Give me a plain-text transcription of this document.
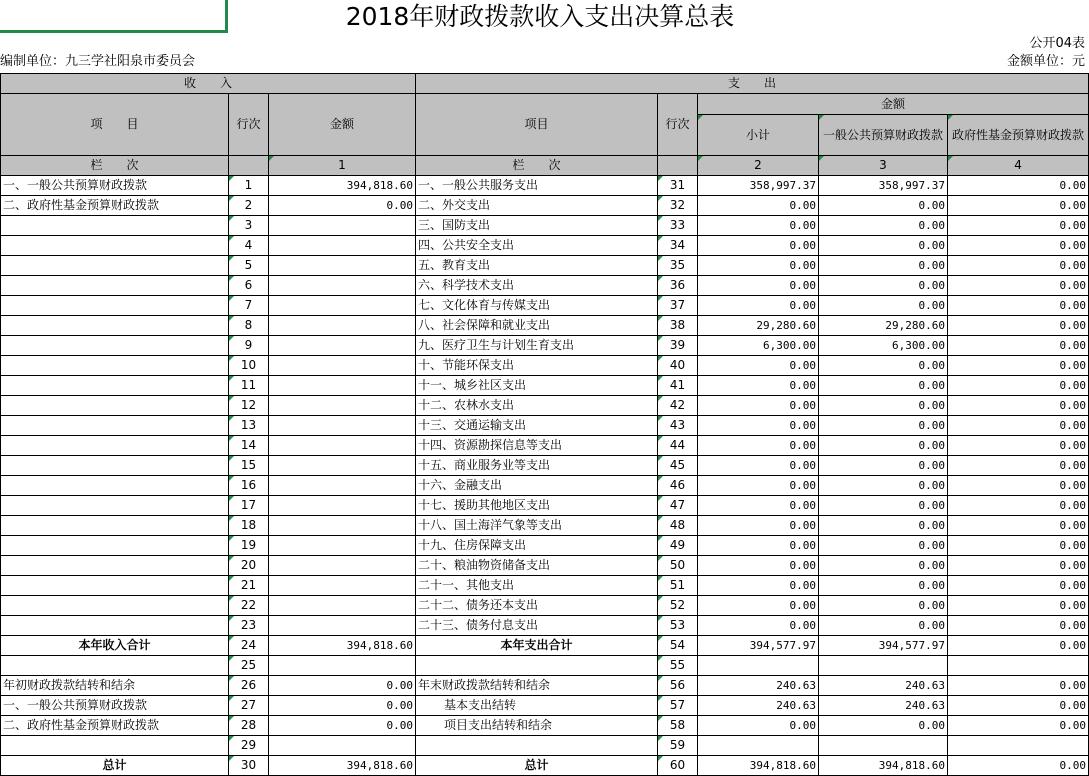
2018年财政拨款收入支出决算总表
公开04表
编制单位：九三学社阳泉市委员会	金额单位：元
收　　入			支　　出				
项　　目	行次	金额	项目	行次	金额		
					小计	一般公共预算财政拨款	政府性基金预算财政拨款

栏　　次		1	栏　　次		2	3	4
一、一般公共预算财政拨款	1	394,818.60	一、一般公共服务支出	31	358,997.37	358,997.37	0.00
二、政府性基金预算财政拨款	2	0.00	二、外交支出	32	0.00	0.00	0.00
	3		三、国防支出	33	0.00	0.00	0.00
	4		四、公共安全支出	34	0.00	0.00	0.00
	5		五、教育支出	35	0.00	0.00	0.00
	6		六、科学技术支出	36	0.00	0.00	0.00
	7		七、文化体育与传媒支出	37	0.00	0.00	0.00
	8		八、社会保障和就业支出	38	29,280.60	29,280.60	0.00
	9		九、医疗卫生与计划生育支出	39	6,300.00	6,300.00	0.00
	10		十、节能环保支出	40	0.00	0.00	0.00
	11		十一、城乡社区支出	41	0.00	0.00	0.00
	12		十二、农林水支出	42	0.00	0.00	0.00
	13		十三、交通运输支出	43	0.00	0.00	0.00
	14		十四、资源勘探信息等支出	44	0.00	0.00	0.00
	15		十五、商业服务业等支出	45	0.00	0.00	0.00
	16		十六、金融支出	46	0.00	0.00	0.00
	17		十七、援助其他地区支出	47	0.00	0.00	0.00
	18		十八、国土海洋气象等支出	48	0.00	0.00	0.00
	19		十九、住房保障支出	49	0.00	0.00	0.00
	20		二十、粮油物资储备支出	50	0.00	0.00	0.00
	21		二十一、其他支出	51	0.00	0.00	0.00
	22		二十二、债务还本支出	52	0.00	0.00	0.00
	23		二十三、债务付息支出	53	0.00	0.00	0.00
本年收入合计	24	394,818.60	本年支出合计	54	394,577.97	394,577.97	0.00
	25			55			
年初财政拨款结转和结余	26	0.00	年末财政拨款结转和结余	56	240.63	240.63	0.00
一、一般公共预算财政拨款	27	0.00	基本支出结转	57	240.63	240.63	0.00
二、政府性基金预算财政拨款	28	0.00	项目支出结转和结余	58	0.00	0.00	0.00
	29			59			
总计	30	394,818.60	总计	60	394,818.60	394,818.60	0.00
